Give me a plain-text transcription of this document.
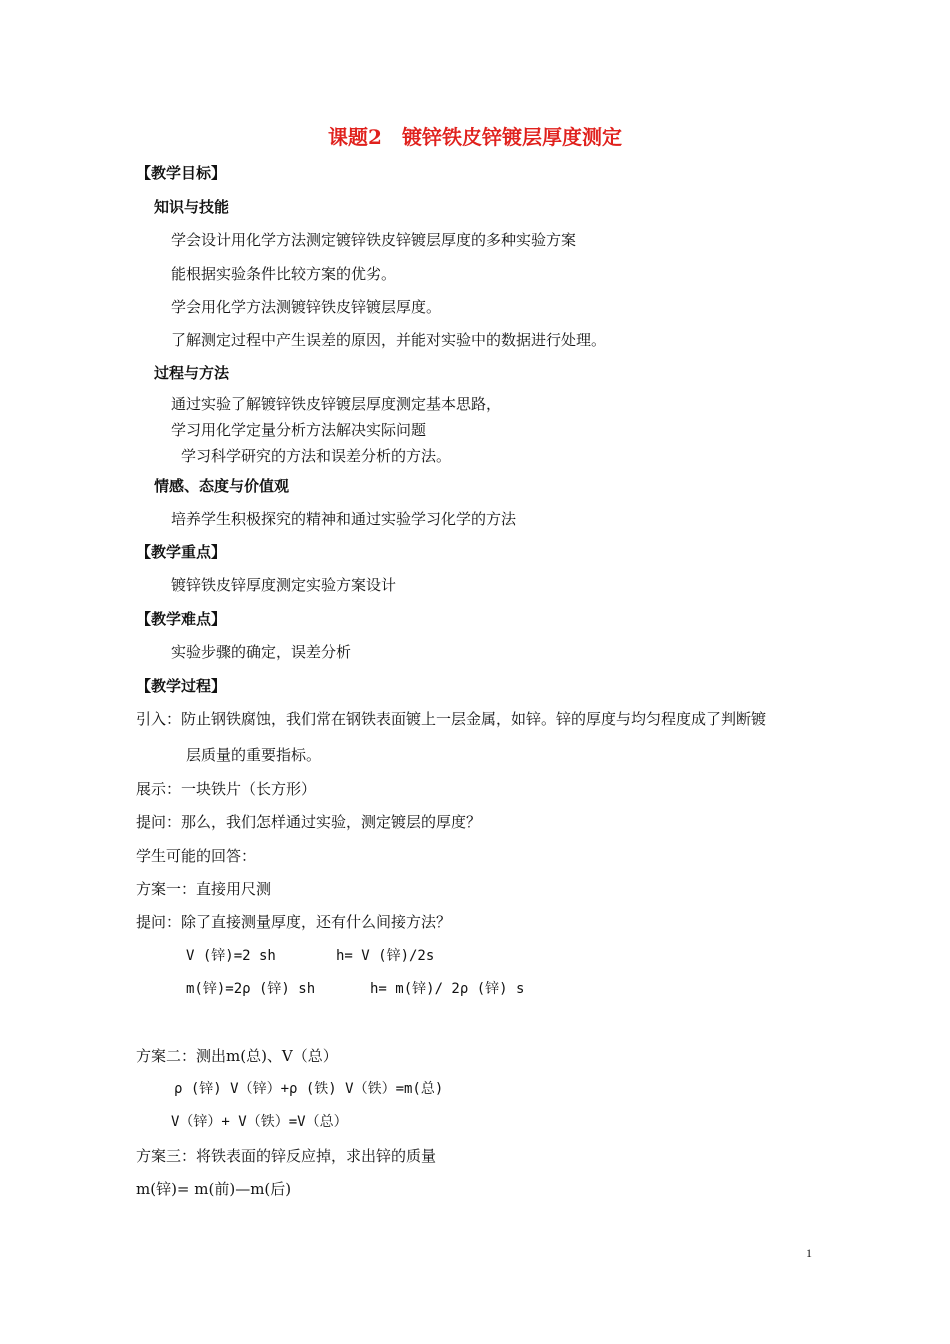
课题2　镀锌铁皮锌镀层厚度测定
【教学目标】
知识与技能
学会设计用化学方法测定镀锌铁皮锌镀层厚度的多种实验方案
能根据实验条件比较方案的优劣。
学会用化学方法测镀锌铁皮锌镀层厚度。
了解测定过程中产生误差的原因，并能对实验中的数据进行处理。
过程与方法
通过实验了解镀锌铁皮锌镀层厚度测定基本思路，
学习用化学定量分析方法解决实际问题
学习科学研究的方法和误差分析的方法。
情感、态度与价值观
培养学生积极探究的精神和通过实验学习化学的方法
【教学重点】
镀锌铁皮锌厚度测定实验方案设计
【教学难点】
实验步骤的确定，误差分析
【教学过程】
引入：防止钢铁腐蚀，我们常在钢铁表面镀上一层金属，如锌。锌的厚度与均匀程度成了判断镀
层质量的重要指标。
展示：一块铁片（长方形）
提问：那么，我们怎样通过实验，测定镀层的厚度？
学生可能的回答：
方案一：直接用尺测
提问：除了直接测量厚度，还有什么间接方法？
V (锌)=2 sh	h= V (锌)/2s
m(锌)=2ρ (锌) sh	h= m(锌)/ 2ρ (锌) s
方案二：测出m(总)、V（总）
ρ (锌) V（锌）+ρ (铁) V（铁）=m(总)
V（锌）+ V（铁）=V（总）
方案三：将铁表面的锌反应掉，求出锌的质量
m(锌)= m(前)—m(后)
1
